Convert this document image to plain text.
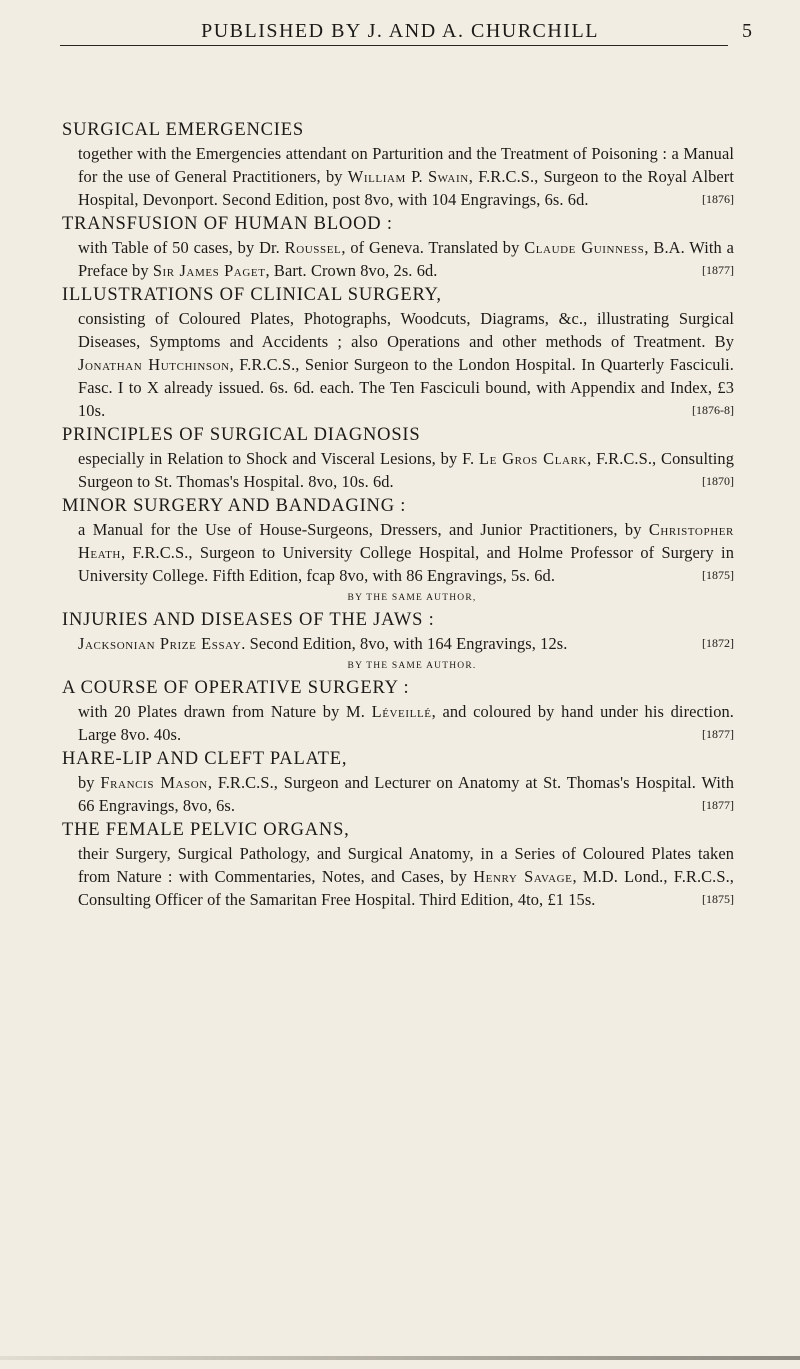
PUBLISHED BY J. AND A. CHURCHILL	5
SURGICAL EMERGENCIES
together with the Emergencies attendant on Parturition and the Treatment of Poisoning : a Manual for the use of General Practitioners, by William P. Swain, F.R.C.S., Surgeon to the Royal Albert Hospital, Devonport. Second Edition, post 8vo, with 104 Engravings, 6s. 6d.	[1876]
TRANSFUSION OF HUMAN BLOOD :
with Table of 50 cases, by Dr. Roussel, of Geneva. Translated by Claude Guinness, B.A. With a Preface by Sir James Paget, Bart. Crown 8vo, 2s. 6d.	[1877]
ILLUSTRATIONS OF CLINICAL SURGERY,
consisting of Coloured Plates, Photographs, Woodcuts, Diagrams, &c., illustrating Surgical Diseases, Symptoms and Accidents ; also Operations and other methods of Treatment. By Jonathan Hutchinson, F.R.C.S., Senior Surgeon to the London Hospital. In Quarterly Fasciculi. Fasc. I to X already issued. 6s. 6d. each. The Ten Fasciculi bound, with Appendix and Index, £3 10s.	[1876-8]
PRINCIPLES OF SURGICAL DIAGNOSIS
especially in Relation to Shock and Visceral Lesions, by F. Le Gros Clark, F.R.C.S., Consulting Surgeon to St. Thomas's Hospital. 8vo, 10s. 6d.	[1870]
MINOR SURGERY AND BANDAGING :
a Manual for the Use of House-Surgeons, Dressers, and Junior Practitioners, by Christopher Heath, F.R.C.S., Surgeon to University College Hospital, and Holme Professor of Surgery in University College. Fifth Edition, fcap 8vo, with 86 Engravings, 5s. 6d.	[1875]
BY THE SAME AUTHOR,
INJURIES AND DISEASES OF THE JAWS :
Jacksonian Prize Essay. Second Edition, 8vo, with 164 Engravings, 12s.	[1872]
BY THE SAME AUTHOR.
A COURSE OF OPERATIVE SURGERY :
with 20 Plates drawn from Nature by M. Léveillé, and coloured by hand under his direction. Large 8vo. 40s.	[1877]
HARE-LIP AND CLEFT PALATE,
by Francis Mason, F.R.C.S., Surgeon and Lecturer on Anatomy at St. Thomas's Hospital. With 66 Engravings, 8vo, 6s.	[1877]
THE FEMALE PELVIC ORGANS,
their Surgery, Surgical Pathology, and Surgical Anatomy, in a Series of Coloured Plates taken from Nature : with Commentaries, Notes, and Cases, by Henry Savage, M.D. Lond., F.R.C.S., Consulting Officer of the Samaritan Free Hospital. Third Edition, 4to, £1 15s.	[1875]
